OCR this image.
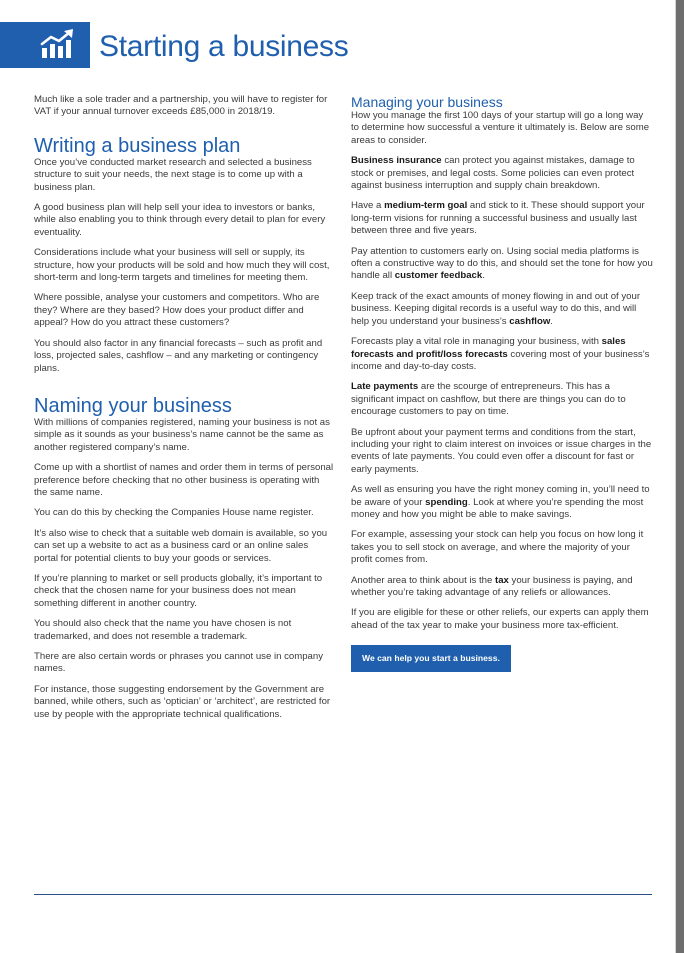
Starting a business

Much like a sole trader and a partnership, you will have to register for VAT if your annual turnover exceeds £85,000 in 2018/19.

Writing a business plan

Once you’ve conducted market research and selected a business structure to suit your needs, the next stage is to come up with a business plan.

A good business plan will help sell your idea to investors or banks, while also enabling you to think through every detail to plan for every eventuality.

Considerations include what your business will sell or supply, its structure, how your products will be sold and how much they will cost, short-term and long-term targets and timelines for meeting them.

Where possible, analyse your customers and competitors. Who are they? Where are they based? How does your product differ and appeal? How do you attract these customers?

You should also factor in any financial forecasts – such as profit and loss, projected sales, cashflow – and any marketing or contingency plans.

Naming your business

With millions of companies registered, naming your business is not as simple as it sounds as your business’s name cannot be the same as another registered company’s name.

Come up with a shortlist of names and order them in terms of personal preference before checking that no other business is operating with the same name.

You can do this by checking the Companies House name register.

It’s also wise to check that a suitable web domain is available, so you can set up a website to act as a business card or an online sales portal for potential clients to buy your goods or services.

If you’re planning to market or sell products globally, it’s important to check that the chosen name for your business does not mean something different in another country.

You should also check that the name you have chosen is not trademarked, and does not resemble a trademark.

There are also certain words or phrases you cannot use in company names.

For instance, those suggesting endorsement by the Government are banned, while others, such as ‘optician’ or ‘architect’, are restricted for use by people with the appropriate technical qualifications.

Managing your business

How you manage the first 100 days of your startup will go a long way to determine how successful a venture it ultimately is. Below are some areas to consider.

Business insurance can protect you against mistakes, damage to stock or premises, and legal costs. Some policies can even protect against business interruption and supply chain breakdown.

Have a medium-term goal and stick to it. These should support your long-term visions for running a successful business and usually last between three and five years.

Pay attention to customers early on. Using social media platforms is often a constructive way to do this, and should set the tone for how you handle all customer feedback.

Keep track of the exact amounts of money flowing in and out of your business. Keeping digital records is a useful way to do this, and will help you understand your business’s cashflow.

Forecasts play a vital role in managing your business, with sales forecasts and profit/loss forecasts covering most of your business’s income and day-to-day costs.

Late payments are the scourge of entrepreneurs. This has a significant impact on cashflow, but there are things you can do to encourage customers to pay on time.

Be upfront about your payment terms and conditions from the start, including your right to claim interest on invoices or issue charges in the events of late payments. You could even offer a discount for fast or early payments.

As well as ensuring you have the right money coming in, you’ll need to be aware of your spending. Look at where you’re spending the most money and how you might be able to make savings.

For example, assessing your stock can help you focus on how long it takes you to sell stock on average, and where the majority of your profit comes from.

Another area to think about is the tax your business is paying, and whether you’re taking advantage of any reliefs or allowances.

If you are eligible for these or other reliefs, our experts can apply them ahead of the tax year to make your business more tax-efficient.

We can help you start a business.
